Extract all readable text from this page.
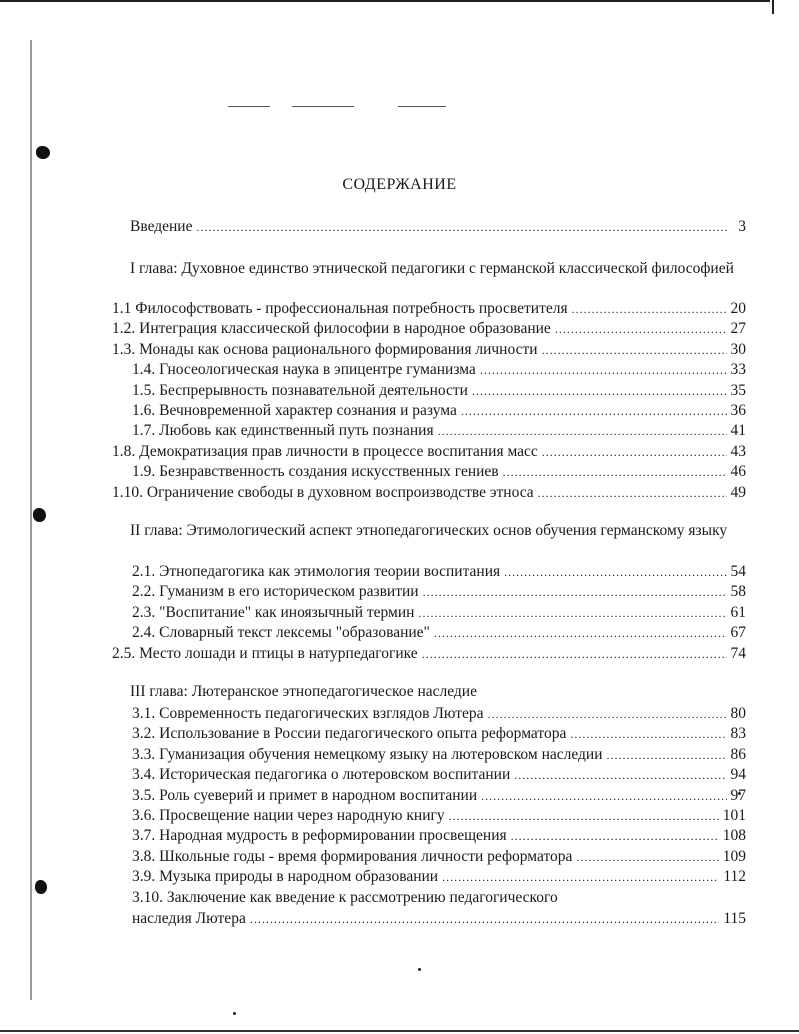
СОДЕРЖАНИЕ
Введение .....	3
I глава: Духовное единство этнической педагогики с германской классической философией
1.1 Философствовать - профессиональная потребность просветителя .....	20
1.2. Интеграция классической философии в народное образование .....	27
1.3. Монады как основа рационального формирования личности .....	30
1.4. Гносеологическая наука в эпицентре гуманизма .....	33
1.5. Беспрерывность познавательной деятельности .....	35
1.6. Вечновременной характер сознания и разума .....	36
1.7. Любовь как единственный путь познания .....	41
1.8. Демократизация прав личности в процессе воспитания масс .....	43
1.9. Безнравственность создания искусственных гениев .....	46
1.10. Ограничение свободы в духовном воспроизводстве этноса .....	49
II глава: Этимологический аспект этнопедагогических основ обучения германскому языку
2.1. Этнопедагогика как этимология теории воспитания .....	54
2.2. Гуманизм в его историческом развитии .....	58
2.3. "Воспитание" как иноязычный термин .....	61
2.4. Словарный текст лексемы "образование" .....	67
2.5. Место лошади и птицы в натурпедагогике .....	74
III глава: Лютеранское этнопедагогическое наследие
3.1. Современность педагогических взглядов Лютера .....	80
3.2. Использование в России педагогического опыта реформатора .....	83
3.3. Гуманизация обучения немецкому языку на лютеровском наследии .....	86
3.4. Историческая педагогика о лютеровском воспитании .....	94
3.5. Роль суеверий и примет в народном воспитании .....	97
3.6. Просвещение нации через народную книгу .....	101
3.7. Народная мудрость в реформировании просвещения .....	108
3.8. Школьные годы - время формирования личности реформатора .....	109
3.9. Музыка природы в народном образовании .....	112
3.10. Заключение как введение к рассмотрению педагогического
наследия Лютера .....	115
